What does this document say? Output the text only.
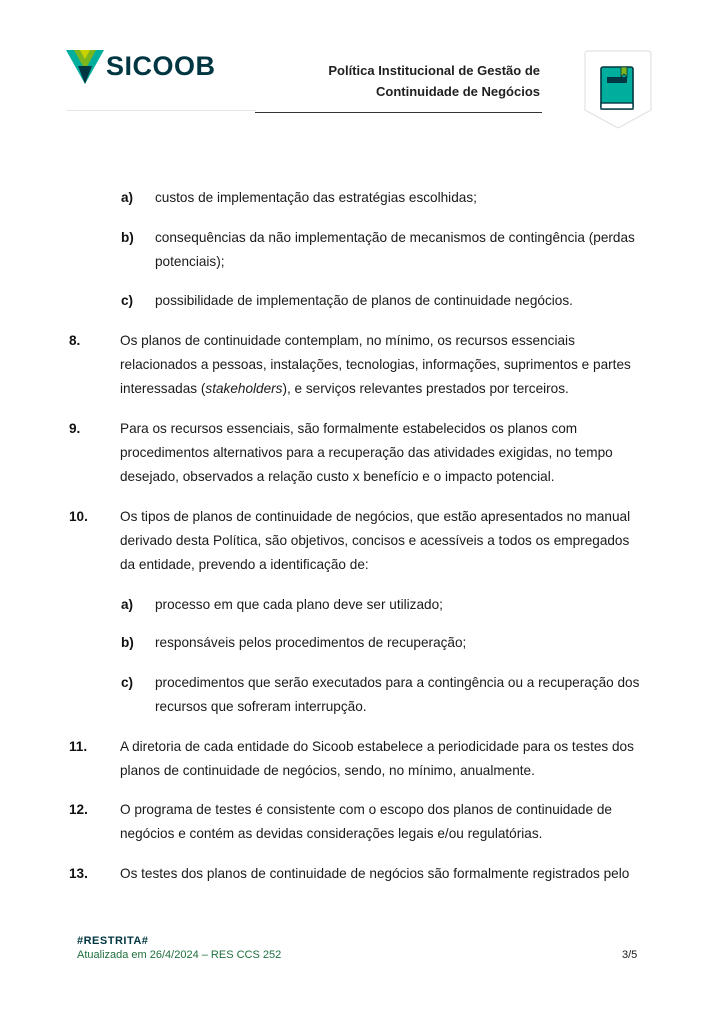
SICOOB	Política Institucional de Gestão de
Continuidade de Negócios
a) custos de implementação das estratégias escolhidas;
b) consequências da não implementação de mecanismos de contingência (perdas
potenciais);
c) possibilidade de implementação de planos de continuidade negócios.
8.	Os planos de continuidade contemplam, no mínimo, os recursos essenciais
relacionados a pessoas, instalações, tecnologias, informações, suprimentos e partes
interessadas (stakeholders), e serviços relevantes prestados por terceiros.
9.	Para os recursos essenciais, são formalmente estabelecidos os planos com
procedimentos alternativos para a recuperação das atividades exigidas, no tempo
desejado, observados a relação custo x benefício e o impacto potencial.
10. Os tipos de planos de continuidade de negócios, que estão apresentados no manual
derivado desta Política, são objetivos, concisos e acessíveis a todos os empregados
da entidade, prevendo a identificação de:
a) processo em que cada plano deve ser utilizado;
b) responsáveis pelos procedimentos de recuperação;
c) procedimentos que serão executados para a contingência ou a recuperação dos
recursos que sofreram interrupção.
11. A diretoria de cada entidade do Sicoob estabelece a periodicidade para os testes dos
planos de continuidade de negócios, sendo, no mínimo, anualmente.
12. O programa de testes é consistente com o escopo dos planos de continuidade de
negócios e contém as devidas considerações legais e/ou regulatórias.
13. Os testes dos planos de continuidade de negócios são formalmente registrados pelo
#RESTRITA#
Atualizada em 26/4/2024 – RES CCS 252	3/5
